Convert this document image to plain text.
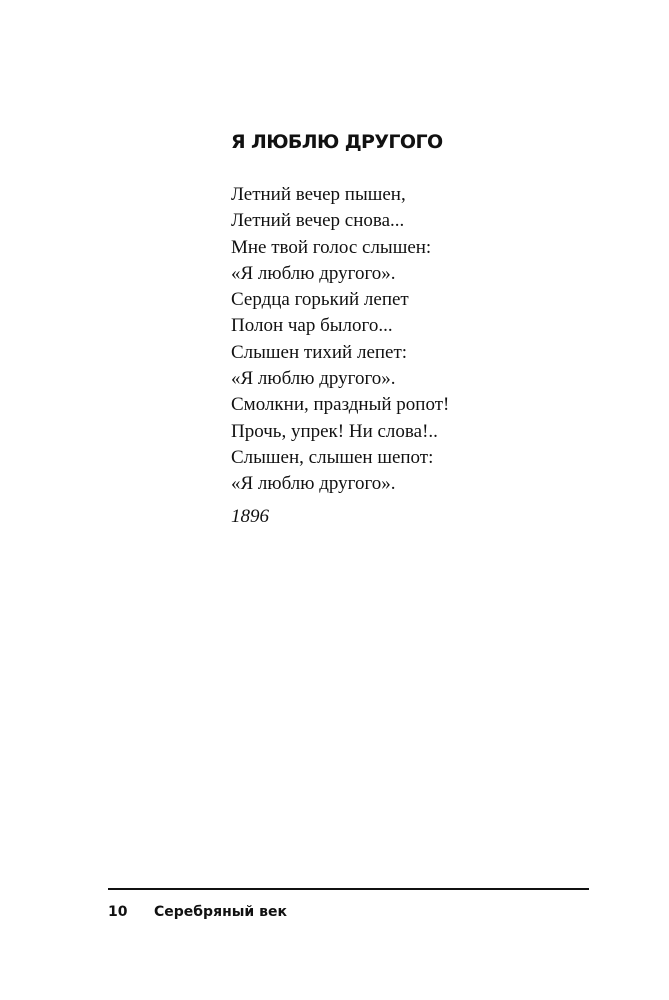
Я ЛЮБЛЮ ДРУГОГО
Летний вечер пышен,
Летний вечер снова...
Мне твой голос слышен:
«Я люблю другого».
Сердца горький лепет
Полон чар былого...
Слышен тихий лепет:
«Я люблю другого».
Смолкни, праздный ропот!
Прочь, упрек! Ни слова!..
Слышен, слышен шепот:
«Я люблю другого».

1896

10 Серебряный век
